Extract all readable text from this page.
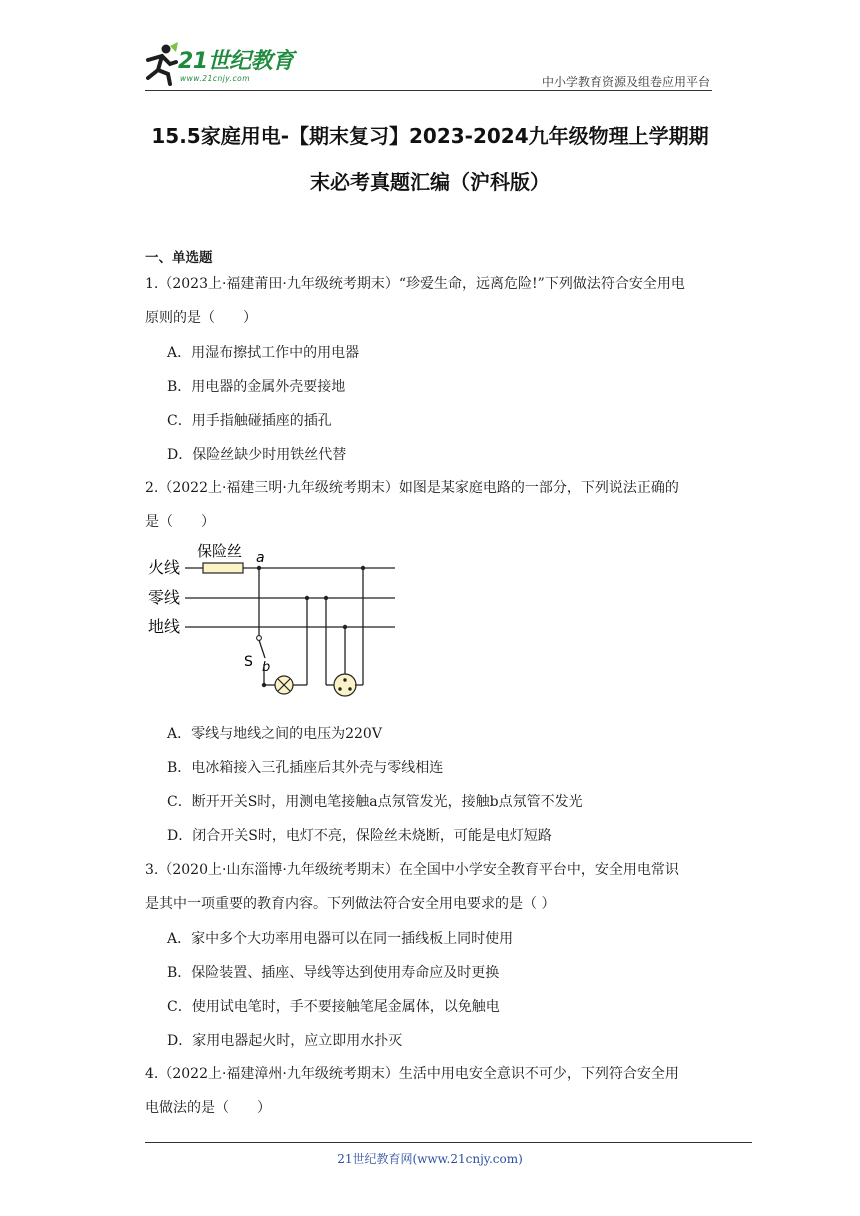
21世纪教育
www.21cnjy.com	中小学教育资源及组卷应用平台
15.5家庭用电-【期末复习】2023-2024九年级物理上学期期
末必考真题汇编（沪科版）
一、单选题
1.（2023上·福建莆田·九年级统考期末）“珍爱生命，远离危险!”下列做法符合安全用电
原则的是（　　）
A．用湿布擦拭工作中的用电器
B．用电器的金属外壳要接地
C．用手指触碰插座的插孔
D．保险丝缺少时用铁丝代替
2.（2022上·福建三明·九年级统考期末）如图是某家庭电路的一部分，下列说法正确的
是（　　）
火线
零线
地线
保险丝 a
S b
A．零线与地线之间的电压为220V
B．电冰箱接入三孔插座后其外壳与零线相连
C．断开开关S时，用测电笔接触a点氖管发光，接触b点氖管不发光
D．闭合开关S时，电灯不亮，保险丝未烧断，可能是电灯短路
3.（2020上·山东淄博·九年级统考期末）在全国中小学安全教育平台中，安全用电常识
是其中一项重要的教育内容。下列做法符合安全用电要求的是（ ）
A．家中多个大功率用电器可以在同一插线板上同时使用
B．保险装置、插座、导线等达到使用寿命应及时更换
C．使用试电笔时，手不要接触笔尾金属体，以免触电
D．家用电器起火时，应立即用水扑灭
4.（2022上·福建漳州·九年级统考期末）生活中用电安全意识不可少，下列符合安全用
电做法的是（　　）
21世纪教育网(www.21cnjy.com)
